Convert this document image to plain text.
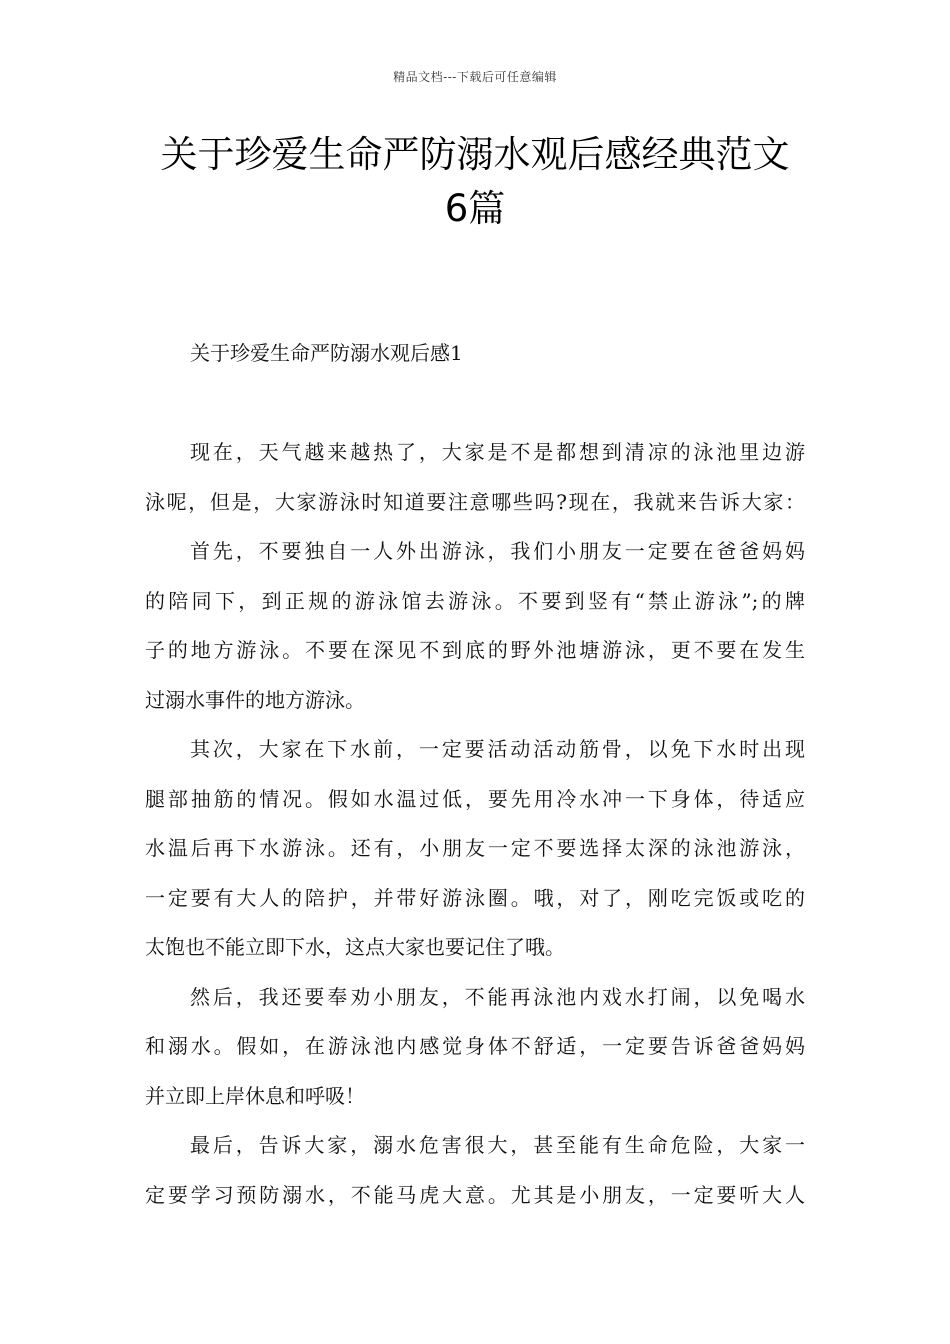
精品文档---下载后可任意编辑
关于珍爱生命严防溺水观后感经典范文
6篇
关于珍爱生命严防溺水观后感1
现在，天气越来越热了，大家是不是都想到清凉的泳池里边游
泳呢，但是，大家游泳时知道要注意哪些吗?现在，我就来告诉大家：
首先，不要独自一人外出游泳，我们小朋友一定要在爸爸妈妈
的陪同下，到正规的游泳馆去游泳。不要到竖有“禁止游泳”;的牌
子的地方游泳。不要在深见不到底的野外池塘游泳，更不要在发生
过溺水事件的地方游泳。
其次，大家在下水前，一定要活动活动筋骨，以免下水时出现
腿部抽筋的情况。假如水温过低，要先用冷水冲一下身体，待适应
水温后再下水游泳。还有，小朋友一定不要选择太深的泳池游泳，
一定要有大人的陪护，并带好游泳圈。哦，对了，刚吃完饭或吃的
太饱也不能立即下水，这点大家也要记住了哦。
然后，我还要奉劝小朋友，不能再泳池内戏水打闹，以免喝水
和溺水。假如，在游泳池内感觉身体不舒适，一定要告诉爸爸妈妈
并立即上岸休息和呼吸！
最后，告诉大家，溺水危害很大，甚至能有生命危险，大家一
定要学习预防溺水，不能马虎大意。尤其是小朋友，一定要听大人
